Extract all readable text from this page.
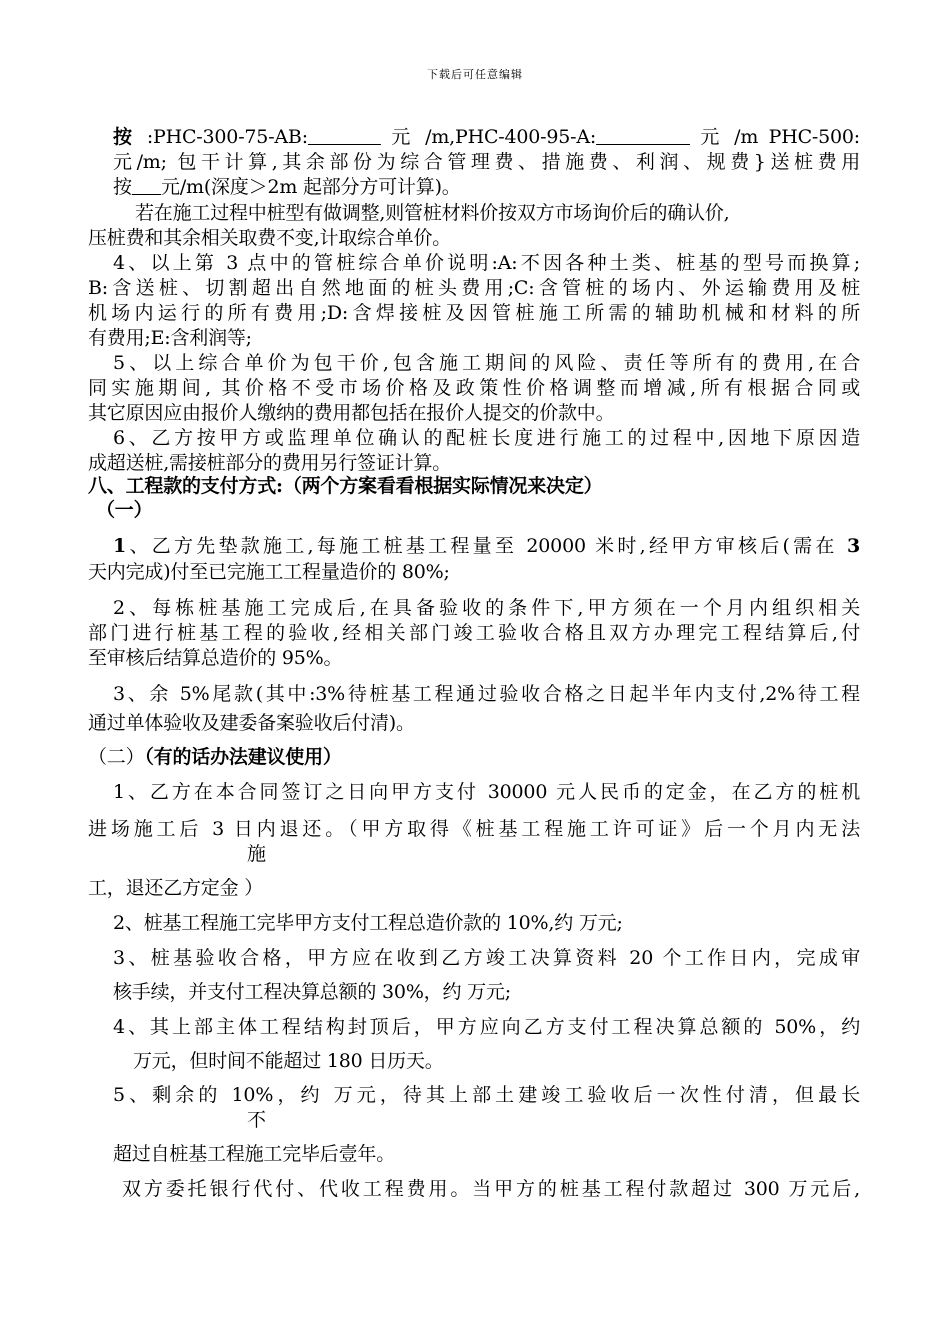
下载后可任意编辑
按 :PHC-300-75-AB:	元 /m,PHC-400-95-A:	元 /m PHC-500:
元/m; 包干计算,其余部份为综合管理费、措施费、利润、规费}送桩费用
按 元/m(深度＞2m 起部分方可计算)。
若在施工过程中桩型有做调整,则管桩材料价按双方市场询价后的确认价,
压桩费和其余相关取费不变,计取综合单价。
4、以上第 3 点中的管桩综合单价说明:A:不因各种土类、桩基的型号而换算;
B:含送桩、切割超出自然地面的桩头费用;C:含管桩的场内、外运输费用及桩
机场内运行的所有费用;D:含焊接桩及因管桩施工所需的辅助机械和材料的所
有费用;E:含利润等;
5、以上综合单价为包干价,包含施工期间的风险、责任等所有的费用,在合
同实施期间, 其价格不受市场价格及政策性价格调整而增减,所有根据合同或
其它原因应由报价人缴纳的费用都包括在报价人提交的价款中。
6、乙方按甲方或监理单位确认的配桩长度进行施工的过程中,因地下原因造
成超送桩,需接桩部分的费用另行签证计算。
八、工程款的支付方式:（两个方案看看根据实际情况来决定）
（一）
1、乙方先垫款施工,每施工桩基工程量至 20000 米时,经甲方审核后(需在 3
天内完成)付至已完施工工程量造价的 80%;
2、每栋桩基施工完成后,在具备验收的条件下,甲方须在一个月内组织相关
部门进行桩基工程的验收,经相关部门竣工验收合格且双方办理完工程结算后,付
至审核后结算总造价的 95%。
3、余 5%尾款(其中:3%待桩基工程通过验收合格之日起半年内支付,2%待工程
通过单体验收及建委备案验收后付清)。
（二）（有的话办法建议使用）
1、乙方在本合同签订之日向甲方支付 30000 元人民币的定金，在乙方的桩机
进场施工后 3 日内退还。（甲方取得《桩基工程施工许可证》后一个月内无法
施
工，退还乙方定金 ）
2、桩基工程施工完毕甲方支付工程总造价款的 10%,约 万元;
3、桩基验收合格，甲方应在收到乙方竣工决算资料 20 个工作日内，完成审
核手续，并支付工程决算总额的 30%，约 万元;
4、其上部主体工程结构封顶后，甲方应向乙方支付工程决算总额的 50%，约
万元，但时间不能超过 180 日历天。
5、剩余的 10%，约 万元，待其上部土建竣工验收后一次性付清，但最长
不
超过自桩基工程施工完毕后壹年。
双方委托银行代付、代收工程费用。当甲方的桩基工程付款超过 300 万元后,
